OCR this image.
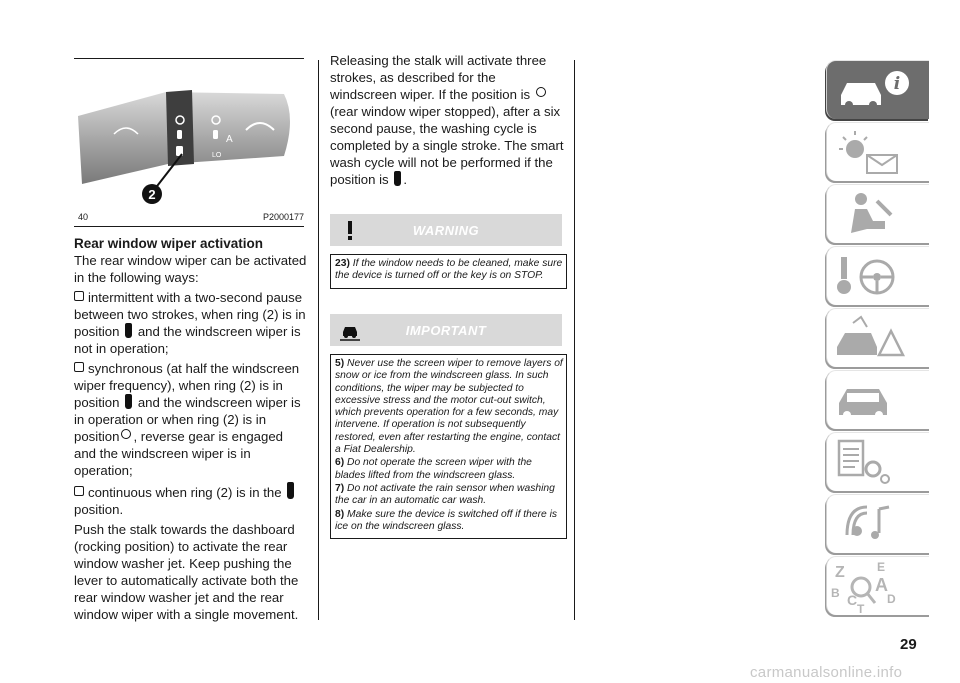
A
LO
2
40	P2000177
Rear window wiper activation

The rear window wiper can be activated in the following ways:

intermittent with a two-second pause between two strokes, when ring (2) is in position and the windscreen wiper is not in operation;

synchronous (at half the windscreen wiper frequency), when ring (2) is in position and the windscreen wiper is in operation or when ring (2) is in position , reverse gear is engaged and the windscreen wiper is in operation;

continuous when ring (2) is in the  position.

Push the stalk towards the dashboard (rocking position) to activate the rear window washer jet. Keep pushing the lever to automatically activate both the rear window washer jet and the rear window wiper with a single movement.

Releasing the stalk will activate three strokes, as described for the windscreen wiper. If the position is  (rear window wiper stopped), after a six second pause, the washing cycle is completed by a single stroke. The smart wash cycle will not be performed if the position is .
WARNING

23) If the window needs to be cleaned, make sure the device is turned off or the key is on STOP.

IMPORTANT

5) Never use the screen wiper to remove layers of snow or ice from the windscreen glass. In such conditions, the wiper may be subjected to excessive stress and the motor cut-out switch, which prevents operation for a few seconds, may intervene. If operation is not subsequently restored, even after restarting the engine, contact a Fiat Dealership.

6) Do not operate the screen wiper with the blades lifted from the windscreen glass.

7) Do not activate the rain sensor when washing the car in an automatic car wash.

8) Make sure the device is switched off if there is ice on the windscreen glass.

i
Z	E
A
B C D
T
29
carmanualsonline.info
